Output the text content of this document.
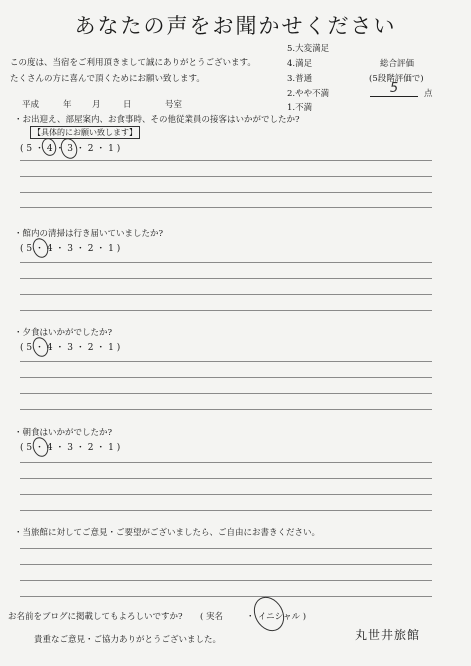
あなたの声をお聞かせください
この度は、当宿をご利用頂きまして誠にありがとうございます。
たくさんの方に喜んで頂くためにお願い致します。
5.大変満足
4.満足
3.普通
2.やや不満
1.不満
総合評価
(5段階評価で)
5	点
平成	年 月	日	号室
・お出迎え、部屋案内、お食事時、その他従業員の接客はいかがでしたか?
【具体的にお願い致します】
( 5 ・ 4 ・ 3 ・ 2 ・ 1 )
・館内の清掃は行き届いていましたか?
( 5 ・ 4 ・ 3 ・ 2 ・ 1 )
・夕食はいかがでしたか?
( 5 ・ 4 ・ 3 ・ 2 ・ 1 )
・朝食はいかがでしたか?
( 5 ・ 4 ・ 3 ・ 2 ・ 1 )
・当旅館に対してご意見・ご要望がございましたら、ご自由にお書きください。
お名前をブログに掲載してもよろしいですか? ( 実名	・ イニシャル )
貴重なご意見・ご協力ありがとうございました。	丸世井旅館
